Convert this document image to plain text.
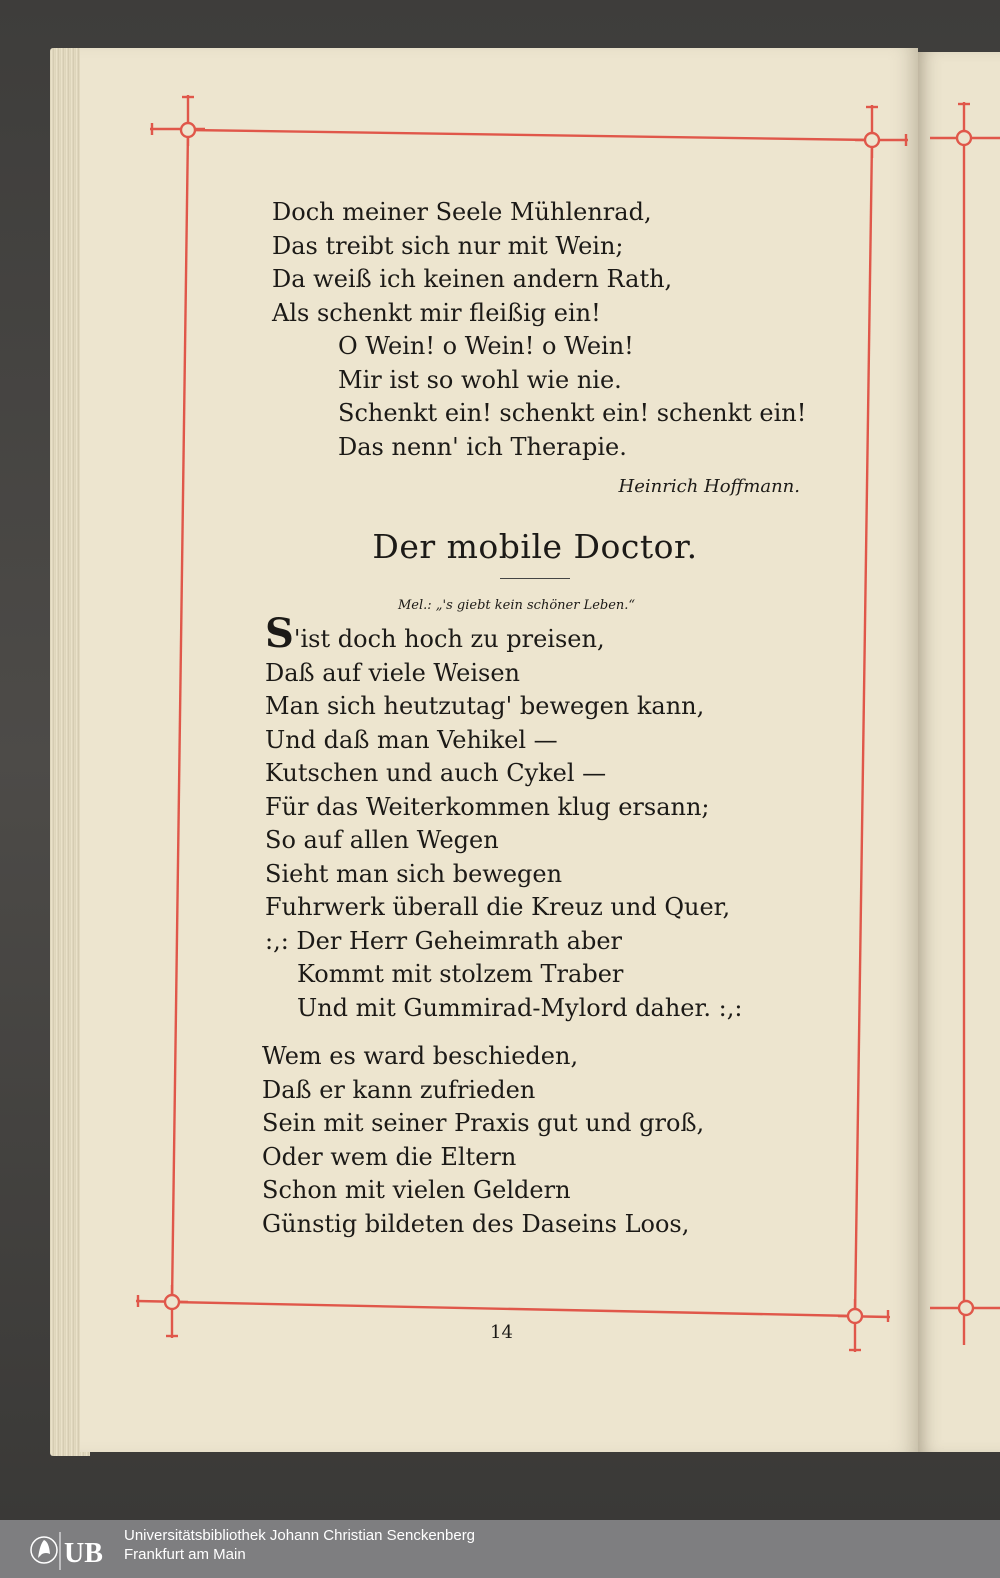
Doch meiner Seele Mühlenrad,
Das treibt sich nur mit Wein;
Da weiß ich keinen andern Rath,
Als schenkt mir fleißig ein!
O Wein! o Wein! o Wein!
Mir ist so wohl wie nie.
Schenkt ein! schenkt ein! schenkt ein!
Das nenn' ich Therapie.
Heinrich Hoffmann.
Der mobile Doctor.
Mel.: „'s giebt kein schöner Leben.“
S'ist doch hoch zu preisen,
Daß auf viele Weisen
Man sich heutzutag' bewegen kann,
Und daß man Vehikel —
Kutschen und auch Cykel —
Für das Weiterkommen klug ersann;
So auf allen Wegen
Sieht man sich bewegen
Fuhrwerk überall die Kreuz und Quer,
:,: Der Herr Geheimrath aber
Kommt mit stolzem Traber
Und mit Gummirad-Mylord daher. :,:
Wem es ward beschieden,
Daß er kann zufrieden
Sein mit seiner Praxis gut und groß,
Oder wem die Eltern
Schon mit vielen Geldern
Günstig bildeten des Daseins Loos,
14
UB
Universitätsbibliothek Johann Christian Senckenberg
Frankfurt am Main
